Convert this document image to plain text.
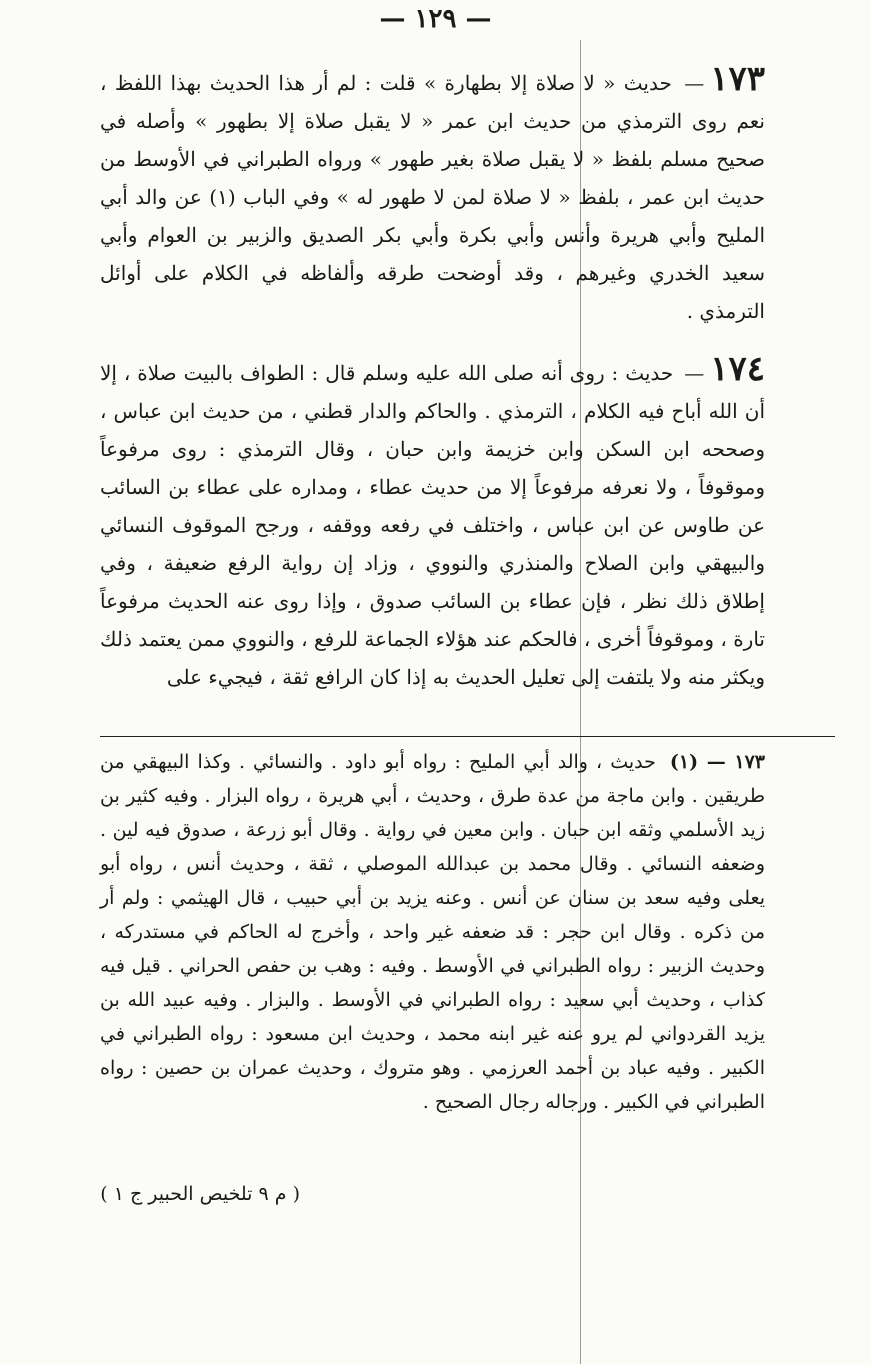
— ١٢٩ —

١٧٣— حديث « لا صلاة إلا بطهارة » قلت : لم أر هذا الحديث بهذا اللفظ ، نعم روى الترمذي من حديث ابن عمر « لا يقبل صلاة إلا بطهور » وأصله في صحيح مسلم بلفظ « لا يقبل صلاة بغير طهور » ورواه الطبراني في الأوسط من حديث ابن عمر ، بلفظ « لا صلاة لمن لا طهور له » وفي الباب (١) عن والد أبي المليح وأبي هريرة وأنس وأبي بكرة وأبي بكر الصديق والزبير بن العوام وأبي سعيد الخدري وغيرهم ، وقد أوضحت طرقه وألفاظه في الكلام على أوائل الترمذي .

١٧٤— حديث : روى أنه صلى الله عليه وسلم قال : الطواف بالبيت صلاة ، إلا أن الله أباح فيه الكلام ، الترمذي . والحاكم والدار قطني ، من حديث ابن عباس ، وصححه ابن السكن وابن خزيمة وابن حبان ، وقال الترمذي : روى مرفوعاً وموقوفاً ، ولا نعرفه مرفوعاً إلا من حديث عطاء ، ومداره على عطاء بن السائب عن طاوس عن ابن عباس ، واختلف في رفعه ووقفه ، ورجح الموقوف النسائي والبيهقي وابن الصلاح والمنذري والنووي ، وزاد إن رواية الرفع ضعيفة ، وفي إطلاق ذلك نظر ، فإن عطاء بن السائب صدوق ، وإذا روى عنه الحديث مرفوعاً تارة ، وموقوفاً أخرى ، فالحكم عند هؤلاء الجماعة للرفع ، والنووي ممن يعتمد ذلك ويكثر منه ولا يلتفت إلى تعليل الحديث به إذا كان الرافع ثقة ، فيجيء على

١٧٣ — (١) حديث ، والد أبي المليح : رواه أبو داود . والنسائي . وكذا البيهقي من طريقين . وابن ماجة من عدة طرق ، وحديث ، أبي هريرة ، رواه البزار . وفيه كثير بن زيد الأسلمي وثقه ابن حبان . وابن معين في رواية . وقال أبو زرعة ، صدوق فيه لين . وضعفه النسائي . وقال محمد بن عبدالله الموصلي ، ثقة ، وحديث أنس ، رواه أبو يعلى وفيه سعد بن سنان عن أنس . وعنه يزيد بن أبي حبيب ، قال الهيثمي : ولم أر من ذكره . وقال ابن حجر : قد ضعفه غير واحد ، وأخرج له الحاكم في مستدركه ، وحديث الزبير : رواه الطبراني في الأوسط . وفيه : وهب بن حفص الحراني . قيل فيه كذاب ، وحديث أبي سعيد : رواه الطبراني في الأوسط . والبزار . وفيه عبيد الله بن يزيد القردواني لم يرو عنه غير ابنه محمد ، وحديث ابن مسعود : رواه الطبراني في الكبير . وفيه عباد بن أحمد العرزمي . وهو متروك ، وحديث عمران بن حصين : رواه الطبراني في الكبير . ورجاله رجال الصحيح .
( م ٩ تلخيص الحبير ج ١ )
